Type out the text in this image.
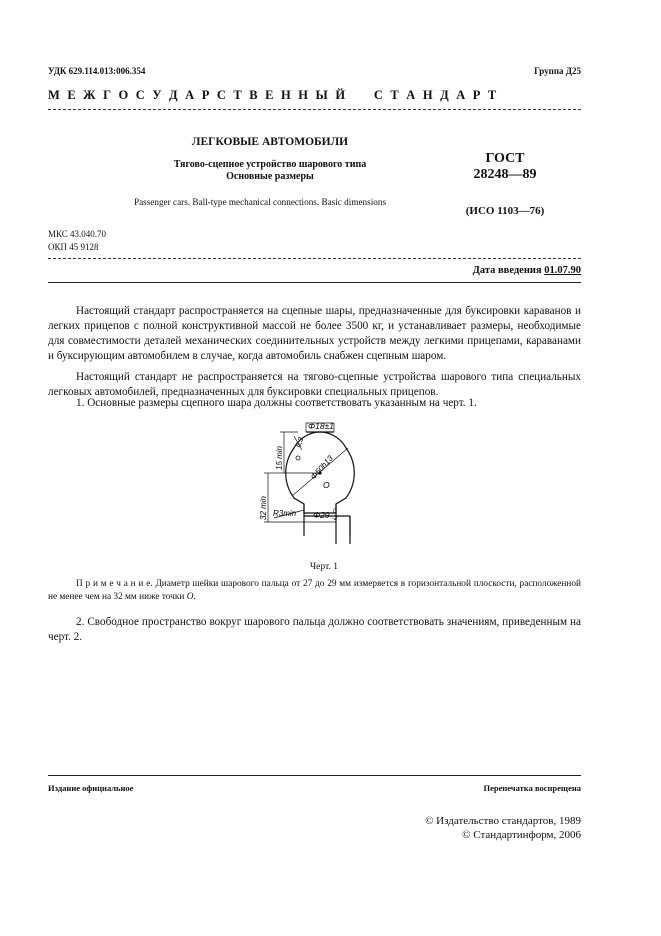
УДК 629.114.013:006.354	Группа Д25
М Е Ж Г О С У Д А Р С Т В Е Н Н Ы Й     С Т А Н Д А Р Т
ЛЕГКОВЫЕ АВТОМОБИЛИ
Тягово-сцепное устройство шарового типа
Основные размеры
Passenger cars. Ball-type mechanical connections. Basic dimensions
ГОСТ
28248—89
(ИСО 1103—76)
МКС 43.040.70
ОКП 45 9128
Дата введения 01.07.90
Настоящий стандарт распространяется на сцепные шары, предназначенные для буксировки караванов и легких прицепов с полной конструктивной массой не более 3500 кг, и устанавливает размеры, необходимые для совместимости деталей механических соединительных устройств между легкими прицепами, караванами и буксирующим автомобилем в случае, когда автомобиль снабжен сцепным шаром.
Настоящий стандарт не распространяется на тягово-сцепные устройства шарового типа специальных легковых автомобилей, предназначенных для буксировки специальных прицепов.
1. Основные размеры сцепного шара должны соответствовать указанным на черт. 1.
Φ18±1
Φ50h13
6,3
15 min
32 min R3min Φ29 0
-2
O
Черт. 1
П р и м е ч а н и е. Диаметр шейки шарового пальца от 27 до 29 мм измеряется в горизонтальной плоскости, расположенной не менее чем на 32 мм ниже точки O.
2. Свободное пространство вокруг шарового пальца должно соответствовать значениям, приведенным на черт. 2.
Издание официальное	Перепечатка воспрещена
© Издательство стандартов, 1989
© Стандартинформ, 2006
